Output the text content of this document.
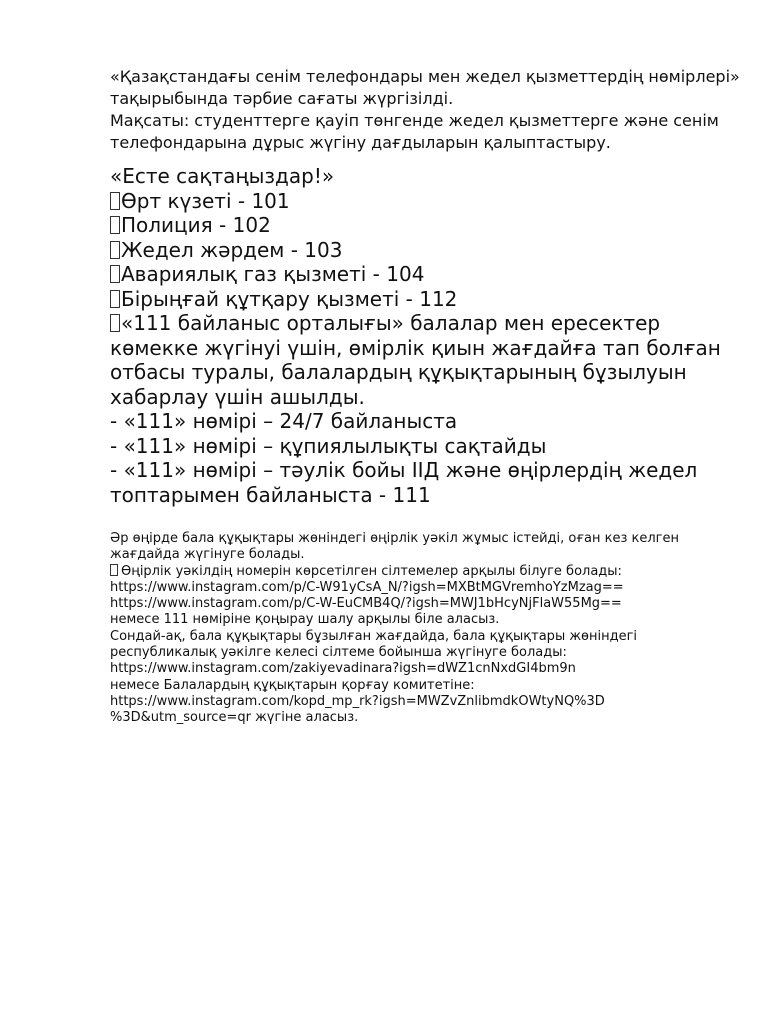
«Қазақстандағы сенім телефондары мен жедел қызметтердің нөмірлері» тақырыбында тәрбие сағаты жүргізілді.

Мақсаты: студенттерге қауіп төнгенде жедел қызметтерге және сенім телефондарына дұрыс жүгіну дағдыларын қалыптастыру.

«Есте сақтаңыздар!»

Өрт күзеті - 101

Полиция - 102

Жедел жәрдем - 103

Авариялық газ қызметі - 104

Бірыңғай құтқару қызметі - 112

«111 байланыс орталығы» балалар мен ересектер көмекке жүгінуі үшін, өмірлік қиын жағдайға тап болған отбасы туралы, балалардың құқықтарының бұзылуын хабарлау үшін ашылды.

- «111» нөмірі – 24/7 байланыста

- «111» нөмірі – құпиялылықты сақтайды

- «111» нөмірі – тәулік бойы ІІД және өңірлердің жедел топтарымен байланыста - 111

Әр өңірде бала құқықтары жөніндегі өңірлік уәкіл жұмыс істейді, оған кез келген жағдайда жүгінуге болады.

Өңірлік уәкілдің номерін көрсетілген сілтемелер арқылы білуге болады:

https://www.instagram.com/p/C-W91yCsA_N/?igsh=MXBtMGVremhoYzMzag==

https://www.instagram.com/p/C-W-EuCMB4Q/?igsh=MWJ1bHcyNjFlaW55Mg==

немесе 111 нөміріне қоңырау шалу арқылы біле аласыз.

Сондай-ақ, бала құқықтары бұзылған жағдайда, бала құқықтары жөніндегі республикалық уәкілге келесі сілтеме бойынша жүгінуге болады:

https://www.instagram.com/zakiyevadinara?igsh=dWZ1cnNxdGI4bm9n

немесе Балалардың құқықтарын қорғау комитетіне:

https://www.instagram.com/kopd_mp_rk?igsh=MWZvZnlibmdkOWtyNQ%3D

%3D&utm_source=qr жүгіне аласыз.
